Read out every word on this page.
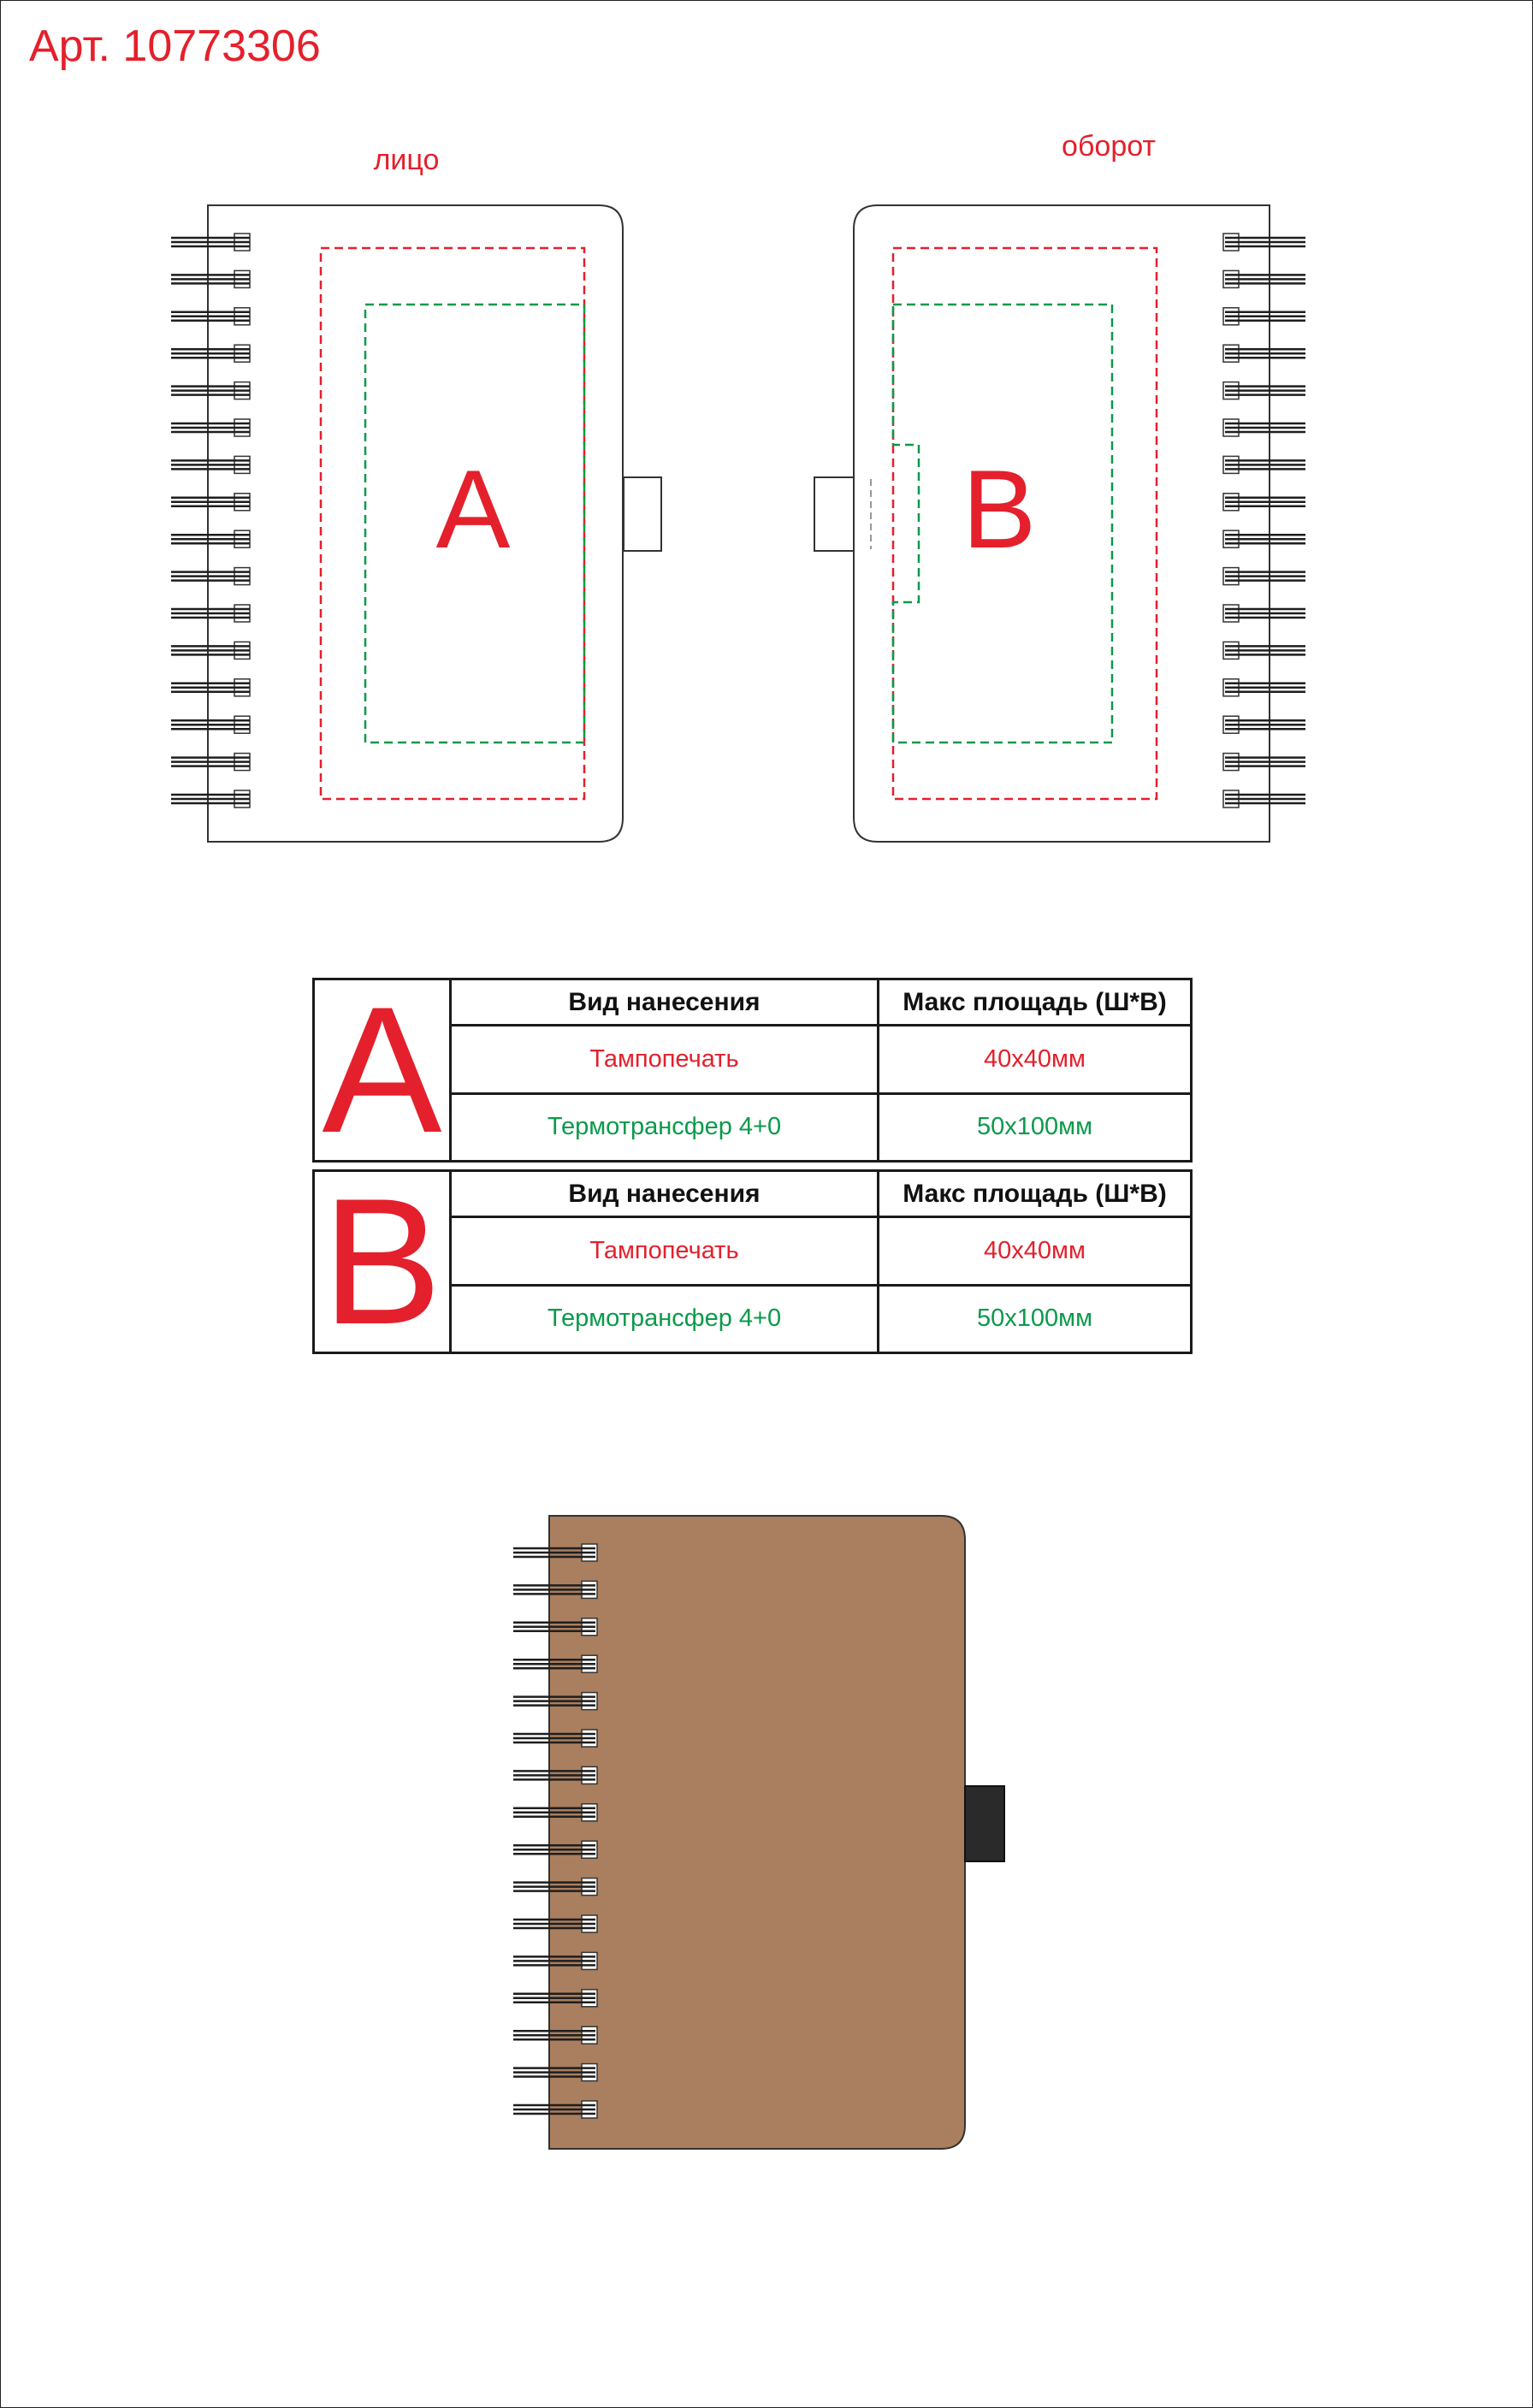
Арт. 10773306
лицо	оборот
A	B
A	Вид нанесения	Макс площадь (Ш*В)
	Тампопечать	40x40мм
	Термотрансфер 4+0	50x100мм
B	Вид нанесения	Макс площадь (Ш*В)
	Тампопечать	40x40мм
	Термотрансфер 4+0	50x100мм
